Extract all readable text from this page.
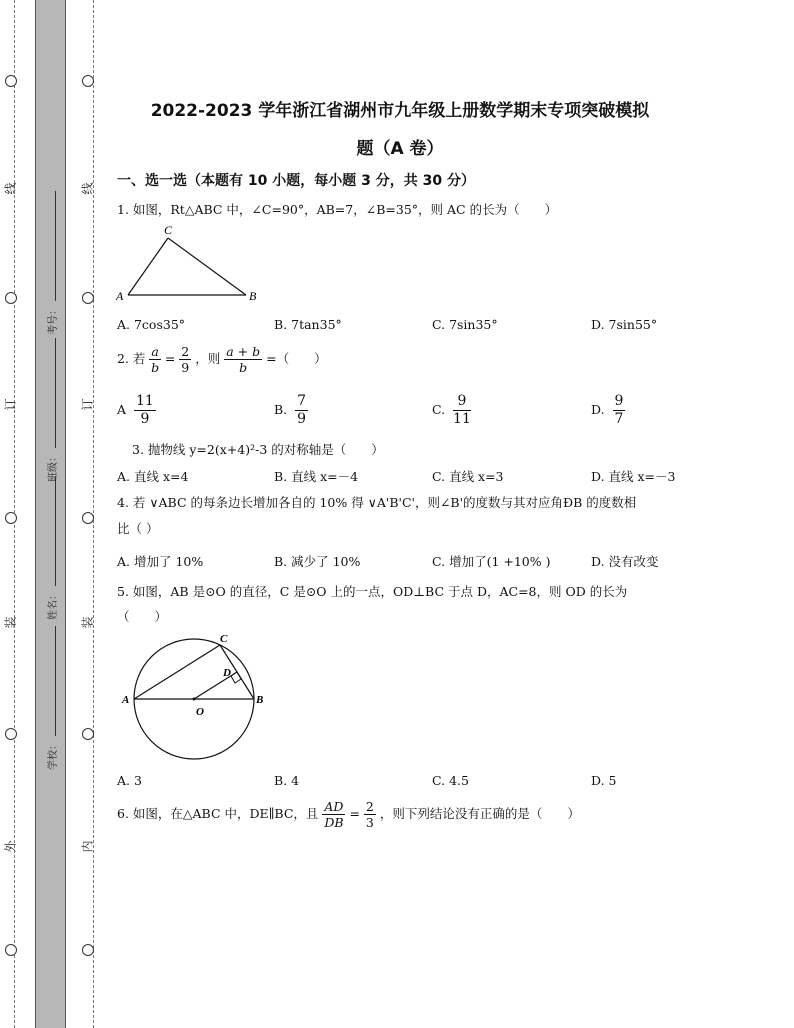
线
订
装
外
线
订
装
内
考号：
班级：
姓名：
学校：
2022-2023 学年浙江省湖州市九年级上册数学期末专项突破模拟
题（A 卷）
一、选一选（本题有 10 小题，每小题 3 分，共 30 分）
1. 如图，Rt△ABC 中，∠C=90°，AB=7，∠B=35°，则 AC 的长为（　　）
A
C
B
A. 7cos35°	B. 7tan35°	C. 7sin35°	D. 7sin55°
2. 若 $\frac{a}{b} = \frac{2}{9}$ ，则 $\frac{a + b}{b}$ =（　　）
A $\frac{11}{9}$	B. $\frac{7}{9}$	C. $\frac{9}{11}$	D. $\frac{9}{7}$
3. 抛物线 y=2(x+4)²-3 的对称轴是（　　）
A. 直线 x=4	B. 直线 x=－4	C. 直线 x=3	D. 直线 x=－3
4. 若 ∨ABC 的每条边长增加各自的 10% 得 ∨A'B'C'，则∠B'的度数与其对应角ÐB 的度数相
比（ ）
A. 增加了 10%	B. 减少了 10%	C. 增加了(1 +10% )	D. 没有改变
5. 如图，AB 是⊙O 的直径，C 是⊙O 上的一点，OD⊥BC 于点 D，AC=8，则 OD 的长为
（　　）
A	B
C
D
O
A. 3	B. 4	C. 4.5	D. 5
6. 如图，在△ABC 中，DE∥BC，且 $\frac{AD}{DB} = \frac{2}{3}$ ，则下列结论没有正确的是（　　）
